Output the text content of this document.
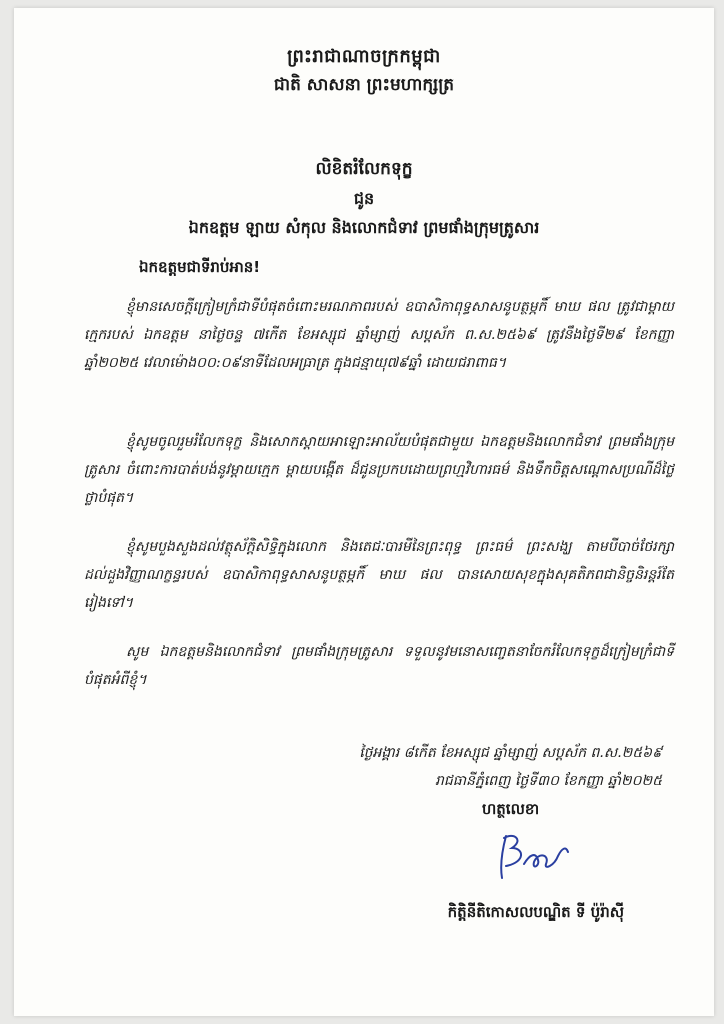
ព្រះរាជាណាចក្រកម្ពុជា
ជាតិ សាសនា ព្រះមហាក្សត្រ
លិខិតរំលែកទុក្ខ
ជូន
ឯកឧត្តម ឡាយ សំកុល និងលោកជំទាវ ព្រមផាំងក្រុមត្រូសារ
ឯកឧត្តមជាទីរាប់អាន!
ខ្ញុំមានសេចក្តីក្រៀមក្រំជាទីបំផុតចំពោះមរណភាពរបស់ ឧបាសិកាពុទ្ធសាសនូបត្ថម្ភកិ៍ មាឃ ផល ត្រូវជាម្តាយក្មេករបស់ ឯកឧត្តម នាថ្ងៃចន្ទ ៧កើត ខែអស្សុជ ឆ្នាំម្សាញ់ សប្តស័ក ព.ស.២៥៦៩ ត្រូវនឹងថ្ងៃទី២៩ ខែកញ្ញា ឆ្នាំ២០២៥ វេលាម៉ោង០០:០៩នាទីដែលអធ្រាត្រ ក្នុងជន្មាយុ៧៩ឆ្នាំ ដោយជរាពាធ។
ខ្ញុំសូមចូលរួមរំលែកទុក្ខ និងសោកស្តាយអាឡោះអាល័យបំផុតជាមួយ ឯកឧត្តមនិងលោកជំទាវ ព្រមផាំងក្រុមត្រូសារ ចំពោះការបាត់បង់នូវម្តាយក្មេក ម្តាយបង្កើត ដ៏ជូនប្រកបដោយព្រហ្មវិហារធម៌ និងទឹកចិត្តសណ្តោសប្រណីដ៏ថ្លៃថ្លាបំផុត។
ខ្ញុំសូមបួងសួងដល់វត្ថុស័ក្តិសិទ្ធិក្នុងលោក និងតេជៈបារមីនៃព្រះពុទ្ធ ព្រះធម៌ ព្រះសង្ឃ តាមបីបាច់ថែរក្សាដល់ដួងវិញ្ញាណក្ខន្ធរបស់ ឧបាសិកាពុទ្ធសាសនូបត្ថម្ភកិ៍ មាឃ ផល បានសោយសុខក្នុងសុគតិភពជានិច្ចនិរន្តរ៍តែរៀងទៅ។
សូម ឯកឧត្តមនិងលោកជំទាវ ព្រមផាំងក្រុមត្រូសារ ទទួលនូវមនោសញ្ចេតនាចែករំលែកទុក្ខដ៏ក្រៀមក្រំជាទីបំផុតអំពីខ្ញុំ។
ថ្ងៃអង្គារ ៨កើត ខែអស្សុជ ឆ្នាំម្សាញ់ សប្តស័ក ព.ស.២៥៦៩
រាជធានីភ្នំពេញ ថ្ងៃទី៣០ ខែកញ្ញា ឆ្នាំ២០២៥
ហត្ថលេខា
កិត្តិនីតិកោសលបណ្ឌិត ទី ប៉ូរ៉ាស៊ី
